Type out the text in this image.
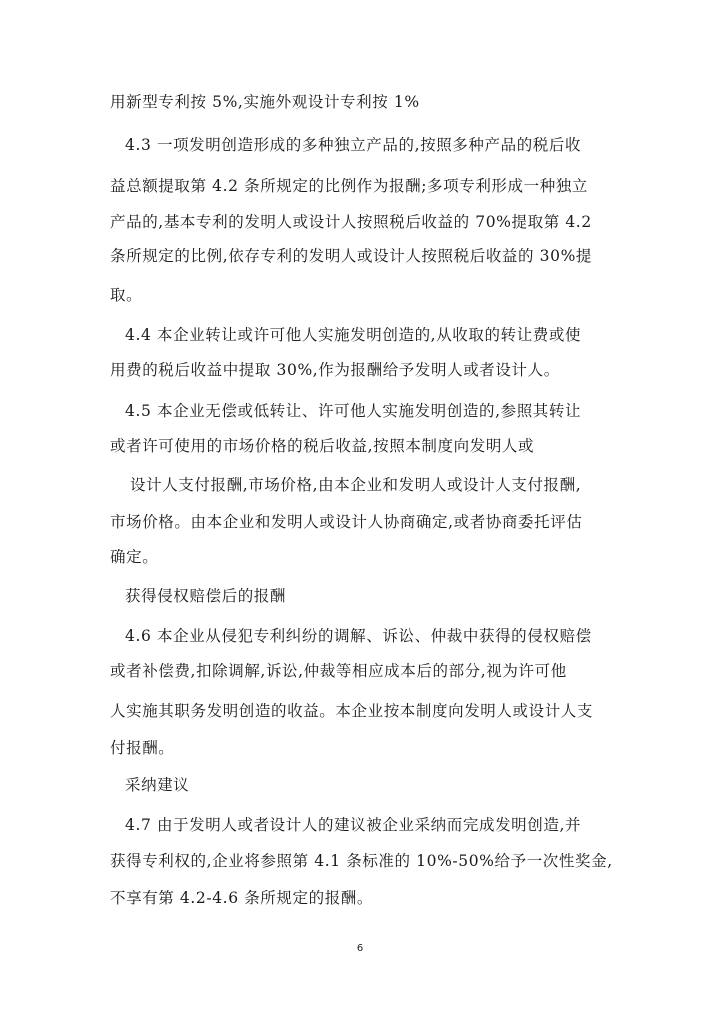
用新型专利按 5%,实施外观设计专利按 1%
4.3 一项发明创造形成的多种独立产品的,按照多种产品的税后收
益总额提取第 4.2 条所规定的比例作为报酬;多项专利形成一种独立
产品的,基本专利的发明人或设计人按照税后收益的 70%提取第 4.2
条所规定的比例,依存专利的发明人或设计人按照税后收益的 30%提
取。
4.4 本企业转让或许可他人实施发明创造的,从收取的转让费或使
用费的税后收益中提取 30%,作为报酬给予发明人或者设计人。
4.5 本企业无偿或低转让、许可他人实施发明创造的,参照其转让
或者许可使用的市场价格的税后收益,按照本制度向发明人或
设计人支付报酬,市场价格,由本企业和发明人或设计人支付报酬,
市场价格。由本企业和发明人或设计人协商确定,或者协商委托评估
确定。
获得侵权赔偿后的报酬
4.6 本企业从侵犯专利纠纷的调解、诉讼、仲裁中获得的侵权赔偿
或者补偿费,扣除调解,诉讼,仲裁等相应成本后的部分,视为许可他
人实施其职务发明创造的收益。本企业按本制度向发明人或设计人支
付报酬。
采纳建议
4.7 由于发明人或者设计人的建议被企业采纳而完成发明创造,并
获得专利权的,企业将参照第 4.1 条标准的 10%-50%给予一次性奖金,
不享有第 4.2-4.6 条所规定的报酬。
6
